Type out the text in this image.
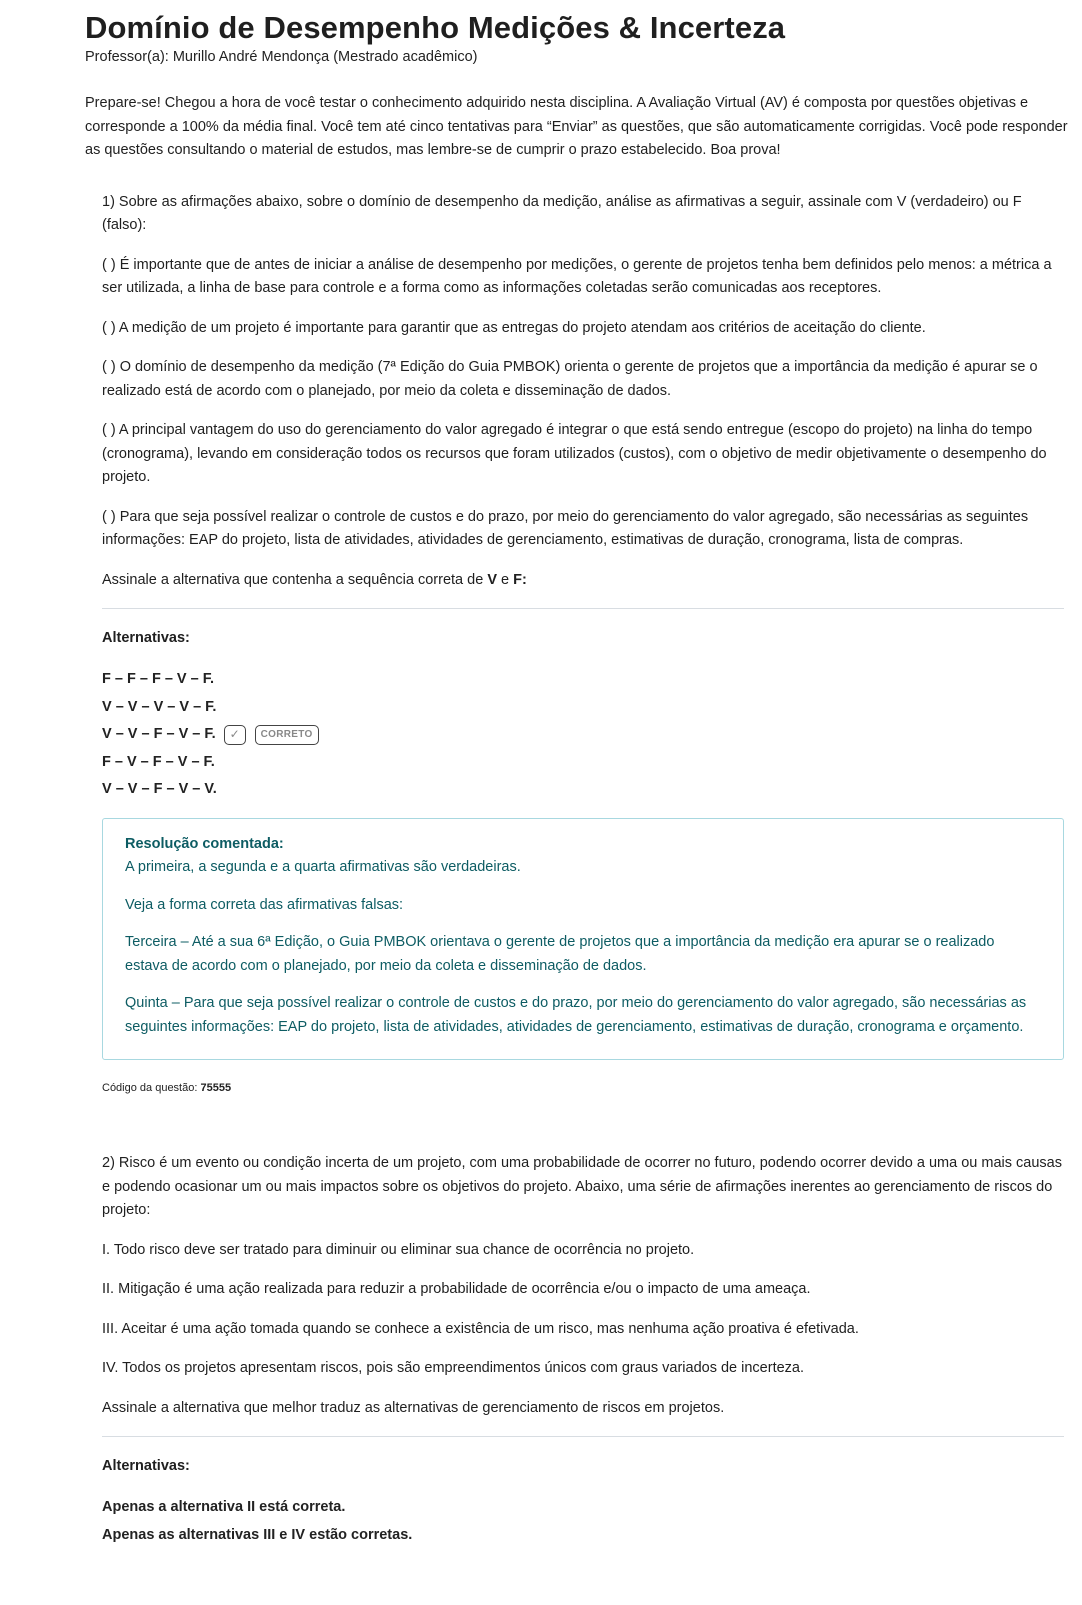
Domínio de Desempenho Medições & Incerteza
Professor(a): Murillo André Mendonça (Mestrado acadêmico)
Prepare-se! Chegou a hora de você testar o conhecimento adquirido nesta disciplina. A Avaliação Virtual (AV) é composta por questões objetivas e corresponde a 100% da média final. Você tem até cinco tentativas para “Enviar” as questões, que são automaticamente corrigidas. Você pode responder as questões consultando o material de estudos, mas lembre-se de cumprir o prazo estabelecido. Boa prova!

1) Sobre as afirmações abaixo, sobre o domínio de desempenho da medição, análise as afirmativas a seguir, assinale com V (verdadeiro) ou F (falso):

( ) É importante que de antes de iniciar a análise de desempenho por medições, o gerente de projetos tenha bem definidos pelo menos: a métrica a ser utilizada, a linha de base para controle e a forma como as informações coletadas serão comunicadas aos receptores.

( ) A medição de um projeto é importante para garantir que as entregas do projeto atendam aos critérios de aceitação do cliente.

( ) O domínio de desempenho da medição (7ª Edição do Guia PMBOK) orienta o gerente de projetos que a importância da medição é apurar se o realizado está de acordo com o planejado, por meio da coleta e disseminação de dados.

( ) A principal vantagem do uso do gerenciamento do valor agregado é integrar o que está sendo entregue (escopo do projeto) na linha do tempo (cronograma), levando em consideração todos os recursos que foram utilizados (custos), com o objetivo de medir objetivamente o desempenho do projeto.

( ) Para que seja possível realizar o controle de custos e do prazo, por meio do gerenciamento do valor agregado, são necessárias as seguintes informações: EAP do projeto, lista de atividades, atividades de gerenciamento, estimativas de duração, cronograma, lista de compras.

Assinale a alternativa que contenha a sequência correta de V e F:

Alternativas:
F – F – F – V – F.
V – V – V – V – F.
V – V – F – V – F.	✓	CORRETO
F – V – F – V – F.
V – V – F – V – V.
Resolução comentada:
A primeira, a segunda e a quarta afirmativas são verdadeiras.
Veja a forma correta das afirmativas falsas:
Terceira – Até a sua 6ª Edição, o Guia PMBOK orientava o gerente de projetos que a importância da medição era apurar se o realizado estava de acordo com o planejado, por meio da coleta e disseminação de dados.
Quinta – Para que seja possível realizar o controle de custos e do prazo, por meio do gerenciamento do valor agregado, são necessárias as seguintes informações: EAP do projeto, lista de atividades, atividades de gerenciamento, estimativas de duração, cronograma e orçamento.
Código da questão: 75555

2) Risco é um evento ou condição incerta de um projeto, com uma probabilidade de ocorrer no futuro, podendo ocorrer devido a uma ou mais causas e podendo ocasionar um ou mais impactos sobre os objetivos do projeto. Abaixo, uma série de afirmações inerentes ao gerenciamento de riscos do projeto:

I. Todo risco deve ser tratado para diminuir ou eliminar sua chance de ocorrência no projeto.

II. Mitigação é uma ação realizada para reduzir a probabilidade de ocorrência e/ou o impacto de uma ameaça.

III. Aceitar é uma ação tomada quando se conhece a existência de um risco, mas nenhuma ação proativa é efetivada.

IV. Todos os projetos apresentam riscos, pois são empreendimentos únicos com graus variados de incerteza.

Assinale a alternativa que melhor traduz as alternativas de gerenciamento de riscos em projetos.

Alternativas:
Apenas a alternativa II está correta.
Apenas as alternativas III e IV estão corretas.
